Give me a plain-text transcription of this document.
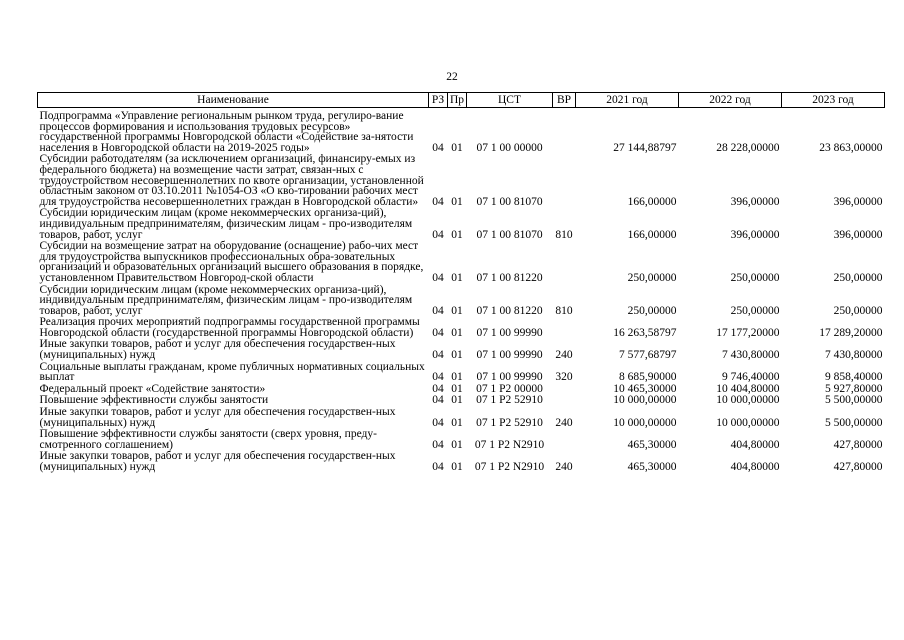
22
Наименование	РЗ	Пр	ЦСТ	ВР	2021 год	2022 год	2023 год
Подпрограмма «Управление региональным рынком труда, регулиро-вание процессов формирования и использования трудовых ресурсов» государственной программы Новгородской области «Содействие за-нятости населения в Новгородской области на 2019-2025 годы»	04	01	07 1 00 00000		27 144,88797	28 228,00000	23 863,00000
Субсидии работодателям (за исключением организаций, финансиру-емых из федерального бюджета) на возмещение части затрат, связан-ных с трудоустройством несовершеннолетних по квоте организации, установленной областным законом от 03.10.2011 №1054-ОЗ «О кво-тировании рабочих мест для трудоустройства несовершеннолетних граждан в Новгородской области»	04	01	07 1 00 81070		166,00000	396,00000	396,00000
Субсидии юридическим лицам (кроме некоммерческих организа-ций), индивидуальным предпринимателям, физическим лицам - про-изводителям товаров, работ, услуг	04	01	07 1 00 81070	810	166,00000	396,00000	396,00000
Субсидии на возмещение затрат на оборудование (оснащение) рабо-чих мест для трудоустройства выпускников профессиональных обра-зовательных организаций и образовательных организаций высшего образования в порядке, установленном Правительством Новгород-ской области	04	01	07 1 00 81220		250,00000	250,00000	250,00000
Субсидии юридическим лицам (кроме некоммерческих организа-ций), индивидуальным предпринимателям, физическим лицам - про-изводителям товаров, работ, услуг	04	01	07 1 00 81220	810	250,00000	250,00000	250,00000
Реализация прочих мероприятий подпрограммы государственной программы Новгородской области (государственной программы Новгородской области)	04	01	07 1 00 99990		16 263,58797	17 177,20000	17 289,20000
Иные закупки товаров, работ и услуг для обеспечения государствен-ных (муниципальных) нужд	04	01	07 1 00 99990	240	7 577,68797	7 430,80000	7 430,80000
Социальные выплаты гражданам, кроме публичных нормативных социальных выплат	04	01	07 1 00 99990	320	8 685,90000	9 746,40000	9 858,40000
Федеральный проект «Содействие занятости»	04	01	07 1 P2 00000		10 465,30000	10 404,80000	5 927,80000
Повышение эффективности службы занятости	04	01	07 1 P2 52910		10 000,00000	10 000,00000	5 500,00000
Иные закупки товаров, работ и услуг для обеспечения государствен-ных (муниципальных) нужд	04	01	07 1 P2 52910	240	10 000,00000	10 000,00000	5 500,00000
Повышение эффективности службы занятости (сверх уровня, преду-смотренного соглашением)	04	01	07 1 P2 N2910		465,30000	404,80000	427,80000
Иные закупки товаров, работ и услуг для обеспечения государствен-ных (муниципальных) нужд	04	01	07 1 P2 N2910	240	465,30000	404,80000	427,80000
